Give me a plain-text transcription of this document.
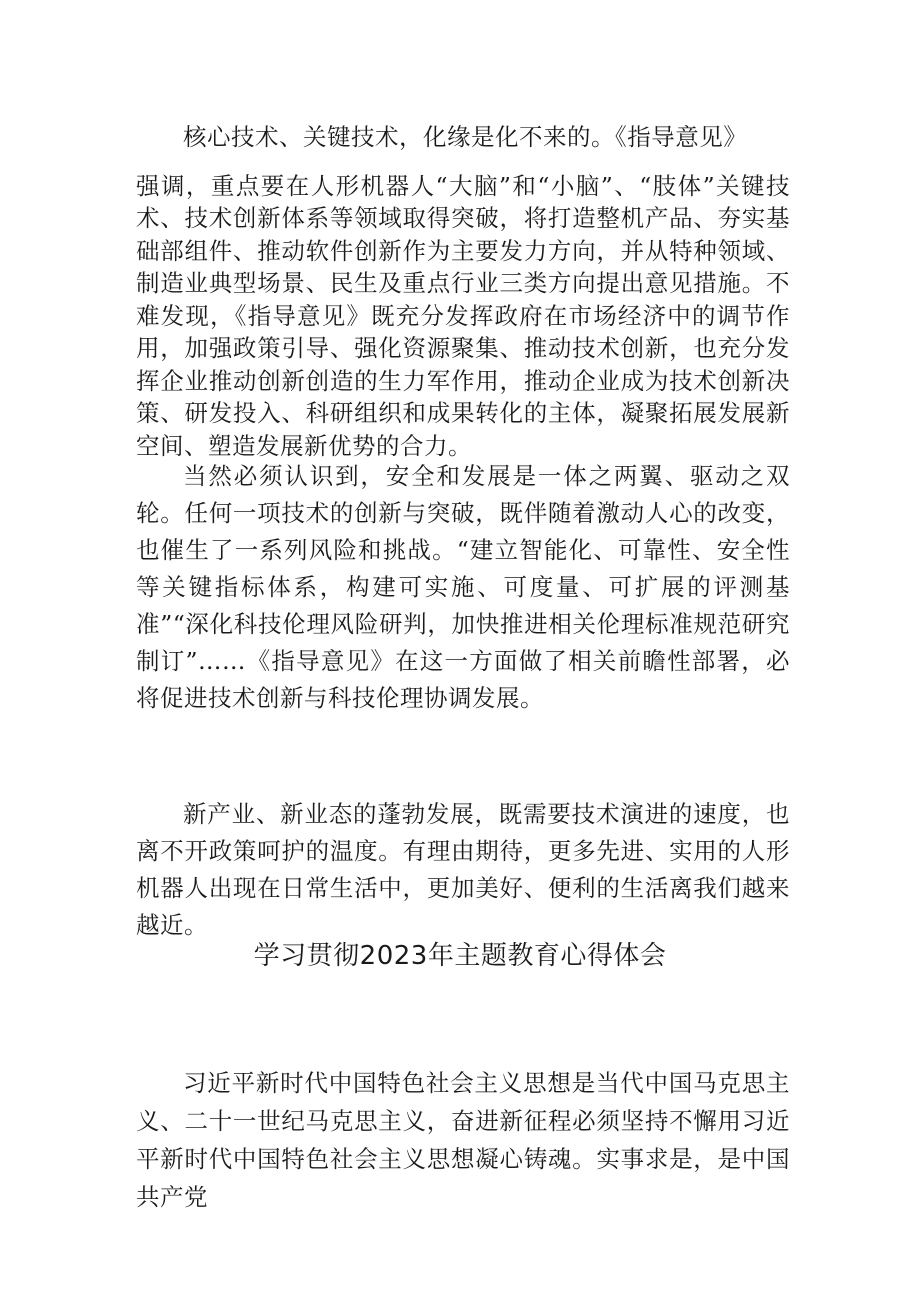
核心技术、关键技术，化缘是化不来的。《指导意见》
强调，重点要在人形机器人“大脑”和“小脑”、“肢体”关键技术、技术创新体系等领域取得突破，将打造整机产品、夯实基础部组件、推动软件创新作为主要发力方向，并从特种领域、制造业典型场景、民生及重点行业三类方向提出意见措施。不难发现，《指导意见》既充分发挥政府在市场经济中的调节作用，加强政策引导、强化资源聚集、推动技术创新，也充分发挥企业推动创新创造的生力军作用，推动企业成为技术创新决策、研发投入、科研组织和成果转化的主体，凝聚拓展发展新空间、塑造发展新优势的合力。

当然必须认识到，安全和发展是一体之两翼、驱动之双轮。任何一项技术的创新与突破，既伴随着激动人心的改变，也催生了一系列风险和挑战。“建立智能化、可靠性、安全性等关键指标体系，构建可实施、可度量、可扩展的评测基准”“深化科技伦理风险研判，加快推进相关伦理标准规范研究制订”……《指导意见》在这一方面做了相关前瞻性部署，必将促进技术创新与科技伦理协调发展。

新产业、新业态的蓬勃发展，既需要技术演进的速度，也离不开政策呵护的温度。有理由期待，更多先进、实用的人形机器人出现在日常生活中，更加美好、便利的生活离我们越来越近。

学习贯彻2023年主题教育心得体会

习近平新时代中国特色社会主义思想是当代中国马克思主义、二十一世纪马克思主义，奋进新征程必须坚持不懈用习近平新时代中国特色社会主义思想凝心铸魂。实事求是，是中国共产党
